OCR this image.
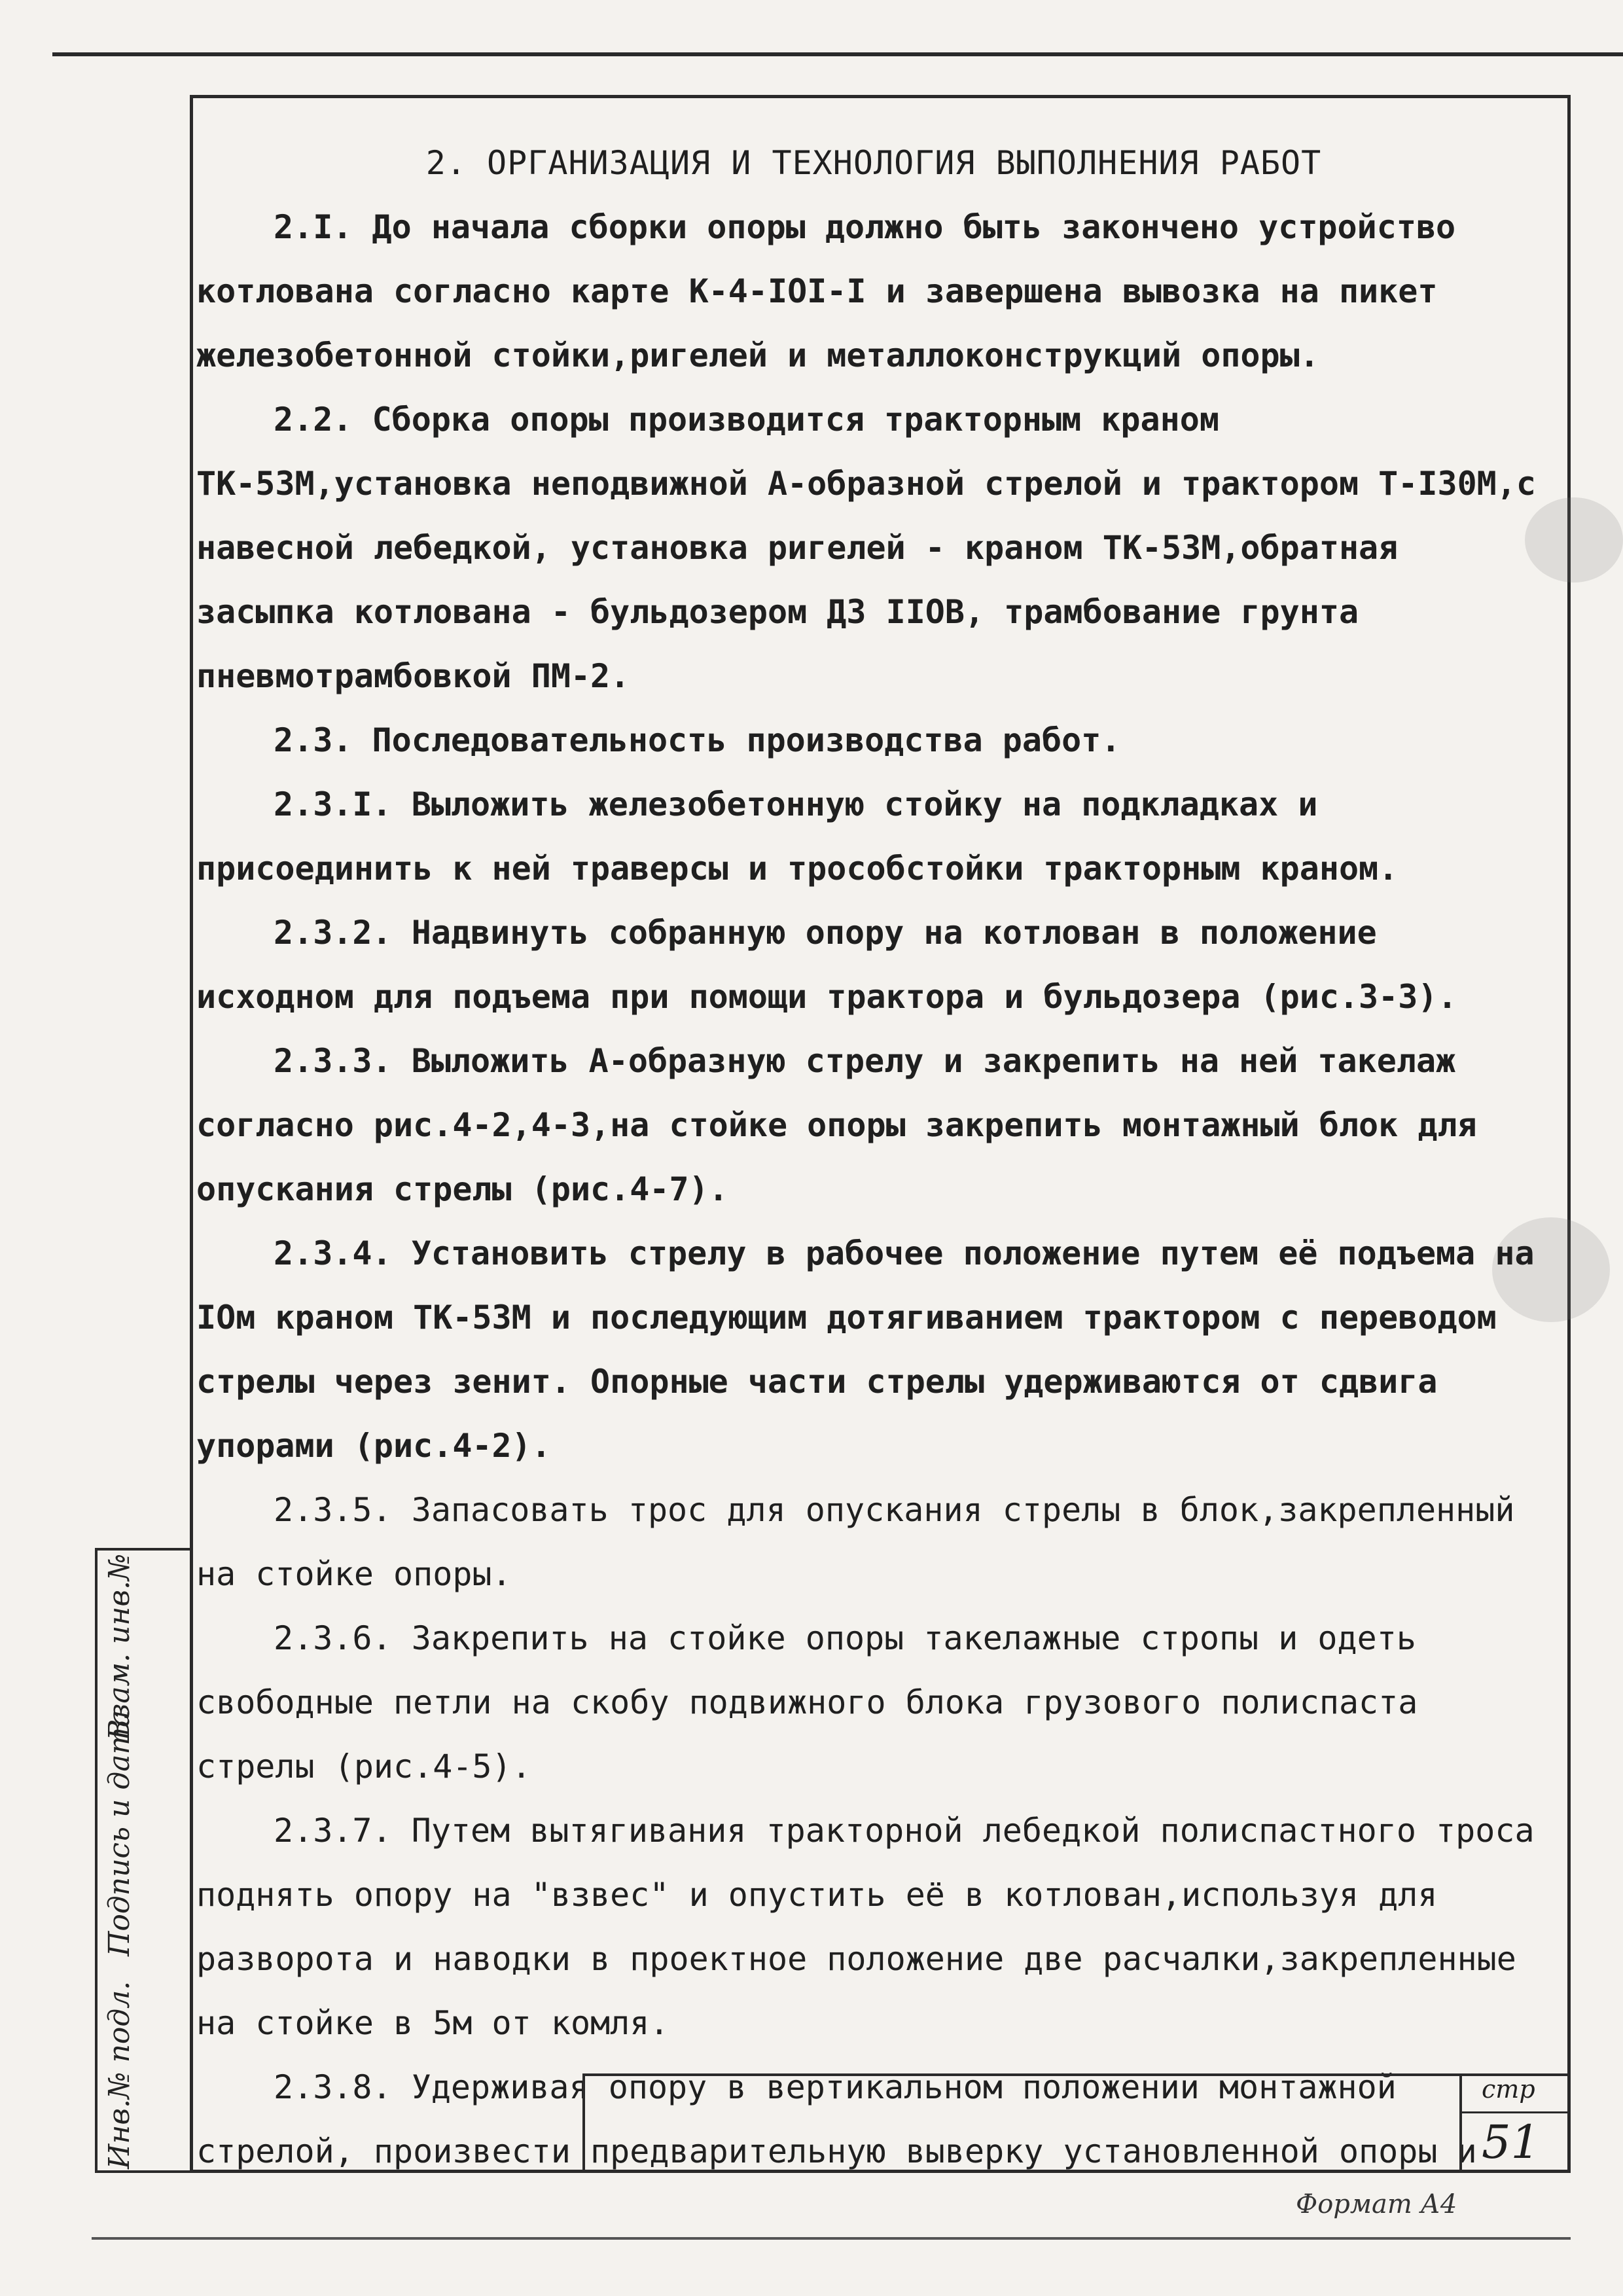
2. ОРГАНИЗАЦИЯ И ТЕХНОЛОГИЯ ВЫПОЛНЕНИЯ РАБОТ

2.I. До начала сборки опоры должно быть закончено устройство котлована согласно карте К-4-IOI-I и завершена вывозка на пикет железобетонной стойки,ригелей и металлоконструкций опоры.

2.2. Сборка опоры производится тракторным краном ТК-53М,установка неподвижной А-образной стрелой и трактором Т-I30М,с навесной лебедкой, установка ригелей - краном ТК-53М,обратная засыпка котлована - бульдозером ДЗ IIОВ, трамбование грунта пневмотрамбовкой ПМ-2.

2.3. Последовательность производства работ.

2.3.I. Выложить железобетонную стойку на подкладках и присоединить к ней траверсы и трособстойки тракторным краном.

2.3.2. Надвинуть собранную опору на котлован в положение исходном для подъема при помощи трактора и бульдозера (рис.3-3).

2.3.3. Выложить А-образную стрелу и закрепить на ней такелаж согласно рис.4-2,4-3,на стойке опоры закрепить монтажный блок для опускания стрелы (рис.4-7).

2.3.4. Установить стрелу в рабочее положение путем её подъема на IOм краном ТК-53М и последующим дотягиванием трактором с переводом стрелы через зенит. Опорные части стрелы удерживаются от сдвига упорами (рис.4-2).

2.3.5. Запасовать трос для опускания стрелы в блок,закрепленный на стойке опоры.

2.3.6. Закрепить на стойке опоры такелажные стропы и одеть свободные петли на скобу подвижного блока грузового полиспаста стрелы (рис.4-5).

2.3.7. Путем вытягивания тракторной лебедкой полиспастного троса поднять опору на "взвес" и опустить её в котлован,используя для разворота и наводки в проектное положение две расчалки,закрепленные на стойке в 5м от комля.

2.3.8. Удерживая опору в вертикальном положении монтажной стрелой, произвести предварительную выверку установленной опоры и

Инв.№ подл.
Подпись и дата
Взам. инв.№
стр
51
Формат А4
